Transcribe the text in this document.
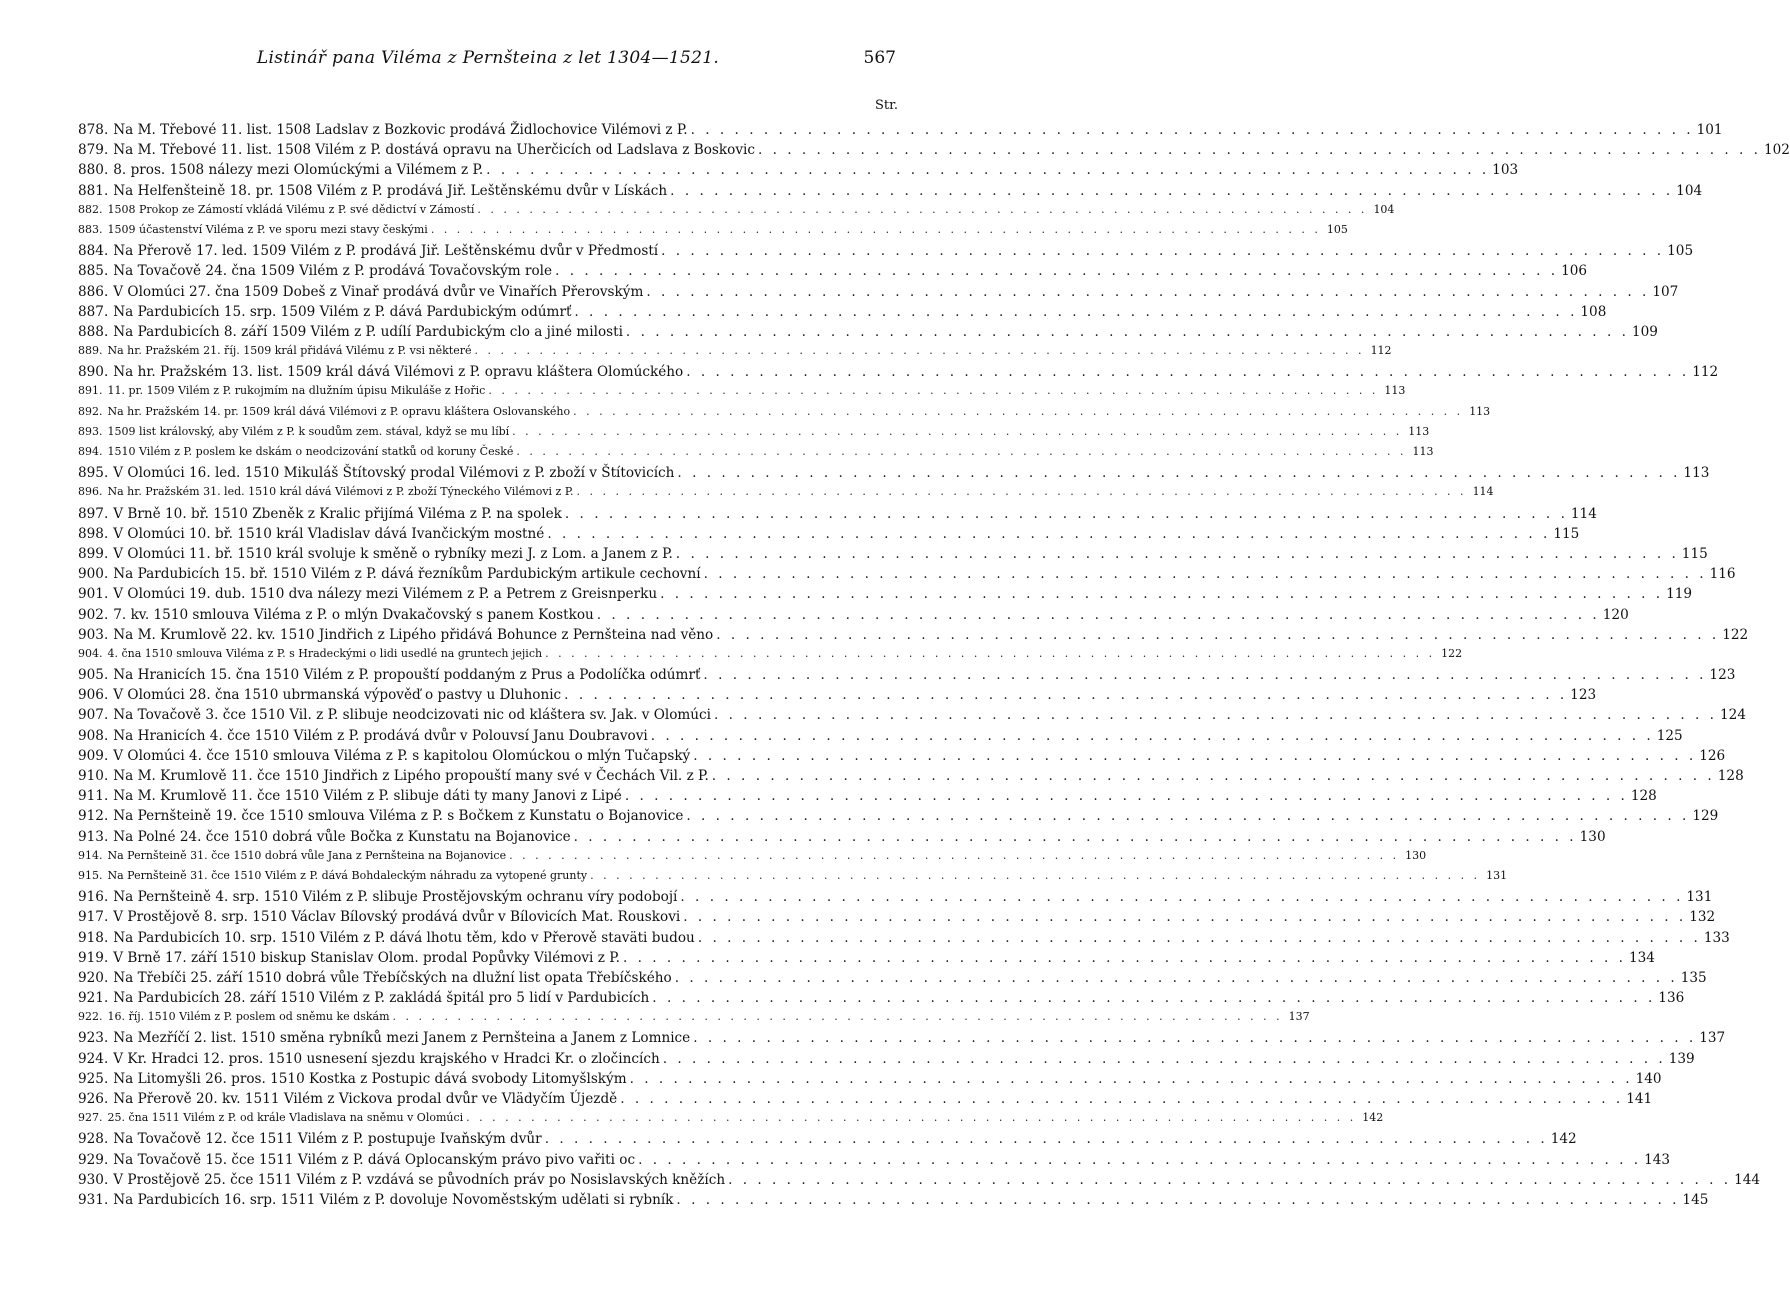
Listinář pana Viléma z Pernšteina z let 1304—1521.	567
Str.
878. Na M. Třebové 11. list. 1508 Ladslav z Bozkovic prodává Židlochovice Vilémovi z P. . . .	101
879. Na M. Třebové 11. list. 1508 Vilém z P. dostává opravu na Uherčicích od Ladslava z Boskovic . . .	102
880. 8. pros. 1508 nálezy mezi Olomúckými a Vilémem z P. . . .	103
881. Na Helfenšteině 18. pr. 1508 Vilém z P. prodává Jiř. Leštěnskému dvůr v Lískách . . .	104
882. 1508 Prokop ze Zámostí vkládá Vilému z P. své dědictví v Zámostí . . .	104
883. 1509 účastenství Viléma z P. ve sporu mezi stavy českými . . .	105
884. Na Přerově 17. led. 1509 Vilém z P. prodává Jiř. Leštěnskému dvůr v Předmostí . . .	105
885. Na Tovačově 24. čna 1509 Vilém z P. prodává Tovačovským role . . .	106
886. V Olomúci 27. čna 1509 Dobeš z Vinař prodává dvůr ve Vinařích Přerovským . . .	107
887. Na Pardubicích 15. srp. 1509 Vilém z P. dává Pardubickým odúmrť . . .	108
888. Na Pardubicích 8. září 1509 Vilém z P. udílí Pardubickým clo a jiné milosti . . .	109
889. Na hr. Pražském 21. říj. 1509 král přidává Vilému z P. vsi některé . . .	112
890. Na hr. Pražském 13. list. 1509 král dává Vilémovi z P. opravu kláštera Olomúckého . . .	112
891. 11. pr. 1509 Vilém z P. rukojmím na dlužním úpisu Mikuláše z Hořic . . .	113
892. Na hr. Pražském 14. pr. 1509 král dává Vilémovi z P. opravu kláštera Oslovanského . . .	113
893. 1509 list královský, aby Vilém z P. k soudům zem. stával, když se mu líbí . . .	113
894. 1510 Vilém z P. poslem ke dskám o neodcizování statků od koruny České . . .	113
895. V Olomúci 16. led. 1510 Mikuláš Štítovský prodal Vilémovi z P. zboží v Štítovicích . . .	113
896. Na hr. Pražském 31. led. 1510 král dává Vilémovi z P. zboží Týneckého Vilémovi z P. . . .	114
897. V Brně 10. bř. 1510 Zbeněk z Kralic přijímá Viléma z P. na spolek . . .	114
898. V Olomúci 10. bř. 1510 král Vladislav dává Ivančickým mostné . . .	115
899. V Olomúci 11. bř. 1510 král svoluje k směně o rybníky mezi J. z Lom. a Janem z P. . . .	115
900. Na Pardubicích 15. bř. 1510 Vilém z P. dává řezníkům Pardubickým artikule cechovní . . .	116
901. V Olomúci 19. dub. 1510 dva nálezy mezi Vilémem z P. a Petrem z Greisnperku . . .	119
902. 7. kv. 1510 smlouva Viléma z P. o mlýn Dvakačovský s panem Kostkou . . .	120
903. Na M. Krumlově 22. kv. 1510 Jindřich z Lipého přidává Bohunce z Pernšteina nad věno . . .	122
904. 4. čna 1510 smlouva Viléma z P. s Hradeckými o lidi usedlé na gruntech jejich . . .	122
905. Na Hranicích 15. čna 1510 Vilém z P. propouští poddaným z Prus a Podolíčka odúmrť . . .	123
906. V Olomúci 28. čna 1510 ubrmanská výpověď o pastvy u Dluhonic . . .	123
907. Na Tovačově 3. čce 1510 Vil. z P. slibuje neodcizovati nic od kláštera sv. Jak. v Olomúci . . .	124
908. Na Hranicích 4. čce 1510 Vilém z P. prodává dvůr v Polouvsí Janu Doubravovi . . .	125
909. V Olomúci 4. čce 1510 smlouva Viléma z P. s kapitolou Olomúckou o mlýn Tučapský . . .	126
910. Na M. Krumlově 11. čce 1510 Jindřich z Lipého propouští many své v Čechách Vil. z P. . . .	128
911. Na M. Krumlově 11. čce 1510 Vilém z P. slibuje dáti ty many Janovi z Lipé . . .	128
912. Na Pernšteině 19. čce 1510 smlouva Viléma z P. s Bočkem z Kunstatu o Bojanovice . . .	129
913. Na Polné 24. čce 1510 dobrá vůle Bočka z Kunstatu na Bojanovice . . .	130
914. Na Pernšteině 31. čce 1510 dobrá vůle Jana z Pernšteina na Bojanovice . . .	130
915. Na Pernšteině 31. čce 1510 Vilém z P. dává Bohdaleckým náhradu za vytopené grunty . . .	131
916. Na Pernšteině 4. srp. 1510 Vilém z P. slibuje Prostějovským ochranu víry podobojí . . .	131
917. V Prostějově 8. srp. 1510 Václav Bílovský prodává dvůr v Bílovicích Mat. Rouskovi . . .	132
918. Na Pardubicích 10. srp. 1510 Vilém z P. dává lhotu těm, kdo v Přerově staväti budou . . .	133
919. V Brně 17. září 1510 biskup Stanislav Olom. prodal Popůvky Vilémovi z P. . . .	134
920. Na Třebíči 25. září 1510 dobrá vůle Třebíčských na dlužní list opata Třebíčského . . .	135
921. Na Pardubicích 28. září 1510 Vilém z P. zakládá špitál pro 5 lidí v Pardubicích . . .	136
922. 16. říj. 1510 Vilém z P. poslem od sněmu ke dskám . . .	137
923. Na Mezříčí 2. list. 1510 směna rybníků mezi Janem z Pernšteina a Janem z Lomnice . . .	137
924. V Kr. Hradci 12. pros. 1510 usnesení sjezdu krajského v Hradci Kr. o zločincích . . .	139
925. Na Litomyšli 26. pros. 1510 Kostka z Postupic dává svobody Litomyšlským . . .	140
926. Na Přerově 20. kv. 1511 Vilém z Vickova prodal dvůr ve Vlädyčím Újezdě . . .	141
927. 25. čna 1511 Vilém z P. od krále Vladislava na sněmu v Olomúci . . .	142
928. Na Tovačově 12. čce 1511 Vilém z P. postupuje Ivaňským dvůr . . .	142
929. Na Tovačově 15. čce 1511 Vilém z P. dává Oplocanským právo pivo vařiti oc . . .	143
930. V Prostějově 25. čce 1511 Vilém z P. vzdává se původních práv po Nosislavských kněžích . . .	144
931. Na Pardubicích 16. srp. 1511 Vilém z P. dovoluje Novoměstským udělati si rybník . . .	145
